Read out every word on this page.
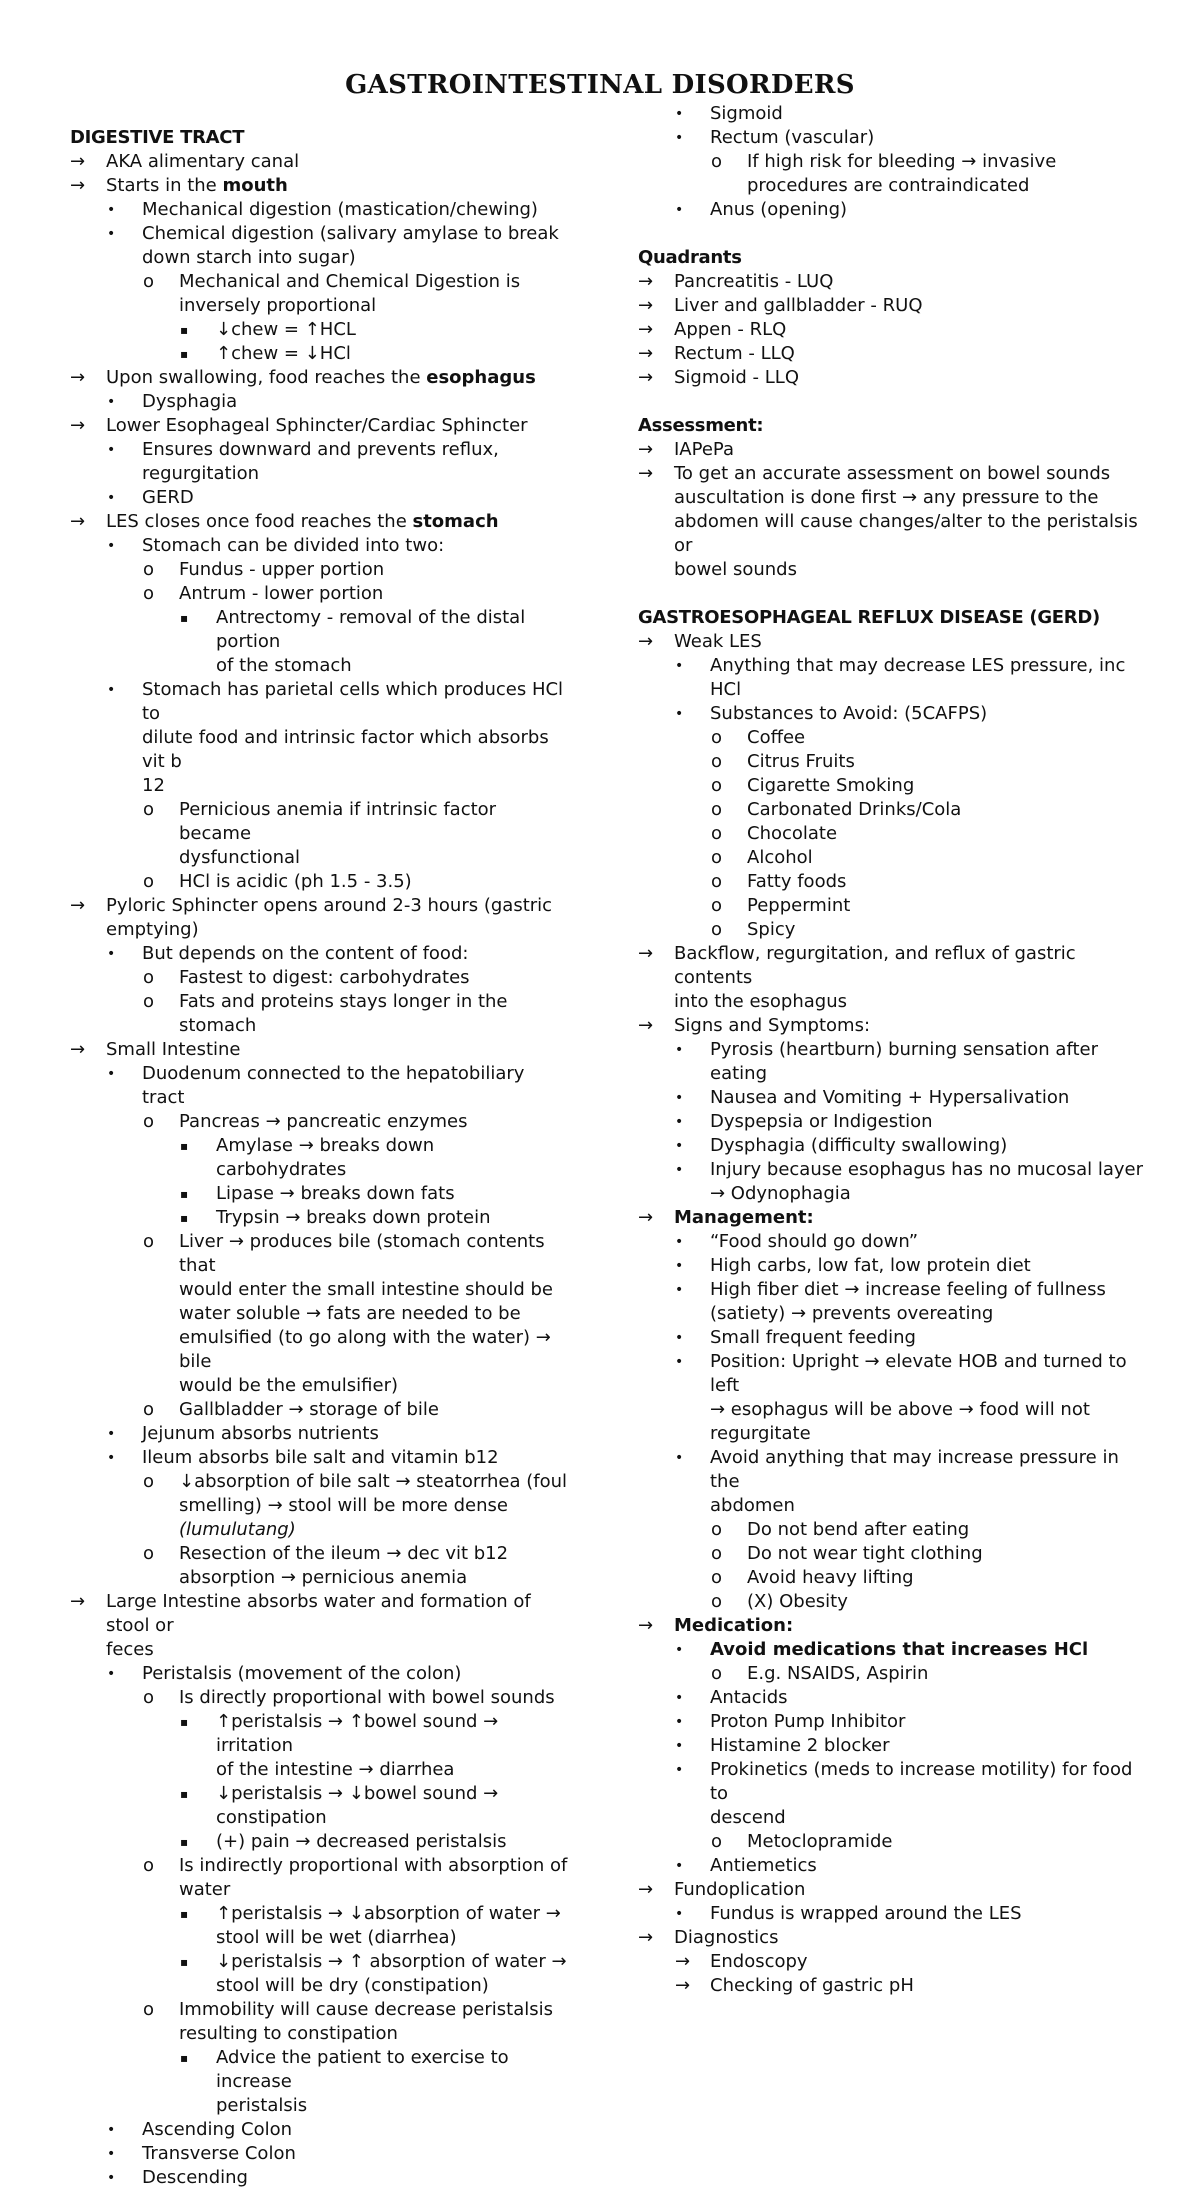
GASTROINTESTINAL DISORDERS
DIGESTIVE TRACT
→ AKA alimentary canal
→ Starts in the mouth
• Mechanical digestion (mastication/chewing)
• Chemical digestion (salivary amylase to break
down starch into sugar)
o Mechanical and Chemical Digestion is
inversely proportional
▪ ↓chew = ↑HCL
▪ ↑chew = ↓HCl
→ Upon swallowing, food reaches the esophagus
• Dysphagia
→ Lower Esophageal Sphincter/Cardiac Sphincter
• Ensures downward and prevents reflux,
regurgitation
• GERD
→ LES closes once food reaches the stomach
• Stomach can be divided into two:
o Fundus - upper portion
o Antrum - lower portion
▪ Antrectomy - removal of the distal portion
of the stomach
• Stomach has parietal cells which produces HCl to
dilute food and intrinsic factor which absorbs vit b
12
o Pernicious anemia if intrinsic factor became
dysfunctional
o HCl is acidic (ph 1.5 - 3.5)
→ Pyloric Sphincter opens around 2-3 hours (gastric
emptying)
• But depends on the content of food:
o Fastest to digest: carbohydrates
o Fats and proteins stays longer in the stomach
→ Small Intestine
• Duodenum connected to the hepatobiliary tract
o Pancreas → pancreatic enzymes
▪ Amylase → breaks down carbohydrates
▪ Lipase → breaks down fats
▪ Trypsin → breaks down protein
o Liver → produces bile (stomach contents that
would enter the small intestine should be
water soluble → fats are needed to be
emulsified (to go along with the water) → bile
would be the emulsifier)
o Gallbladder → storage of bile
• Jejunum absorbs nutrients
• Ileum absorbs bile salt and vitamin b12
o ↓absorption of bile salt → steatorrhea (foul
smelling) → stool will be more dense
(lumulutang)
o Resection of the ileum → dec vit b12
absorption → pernicious anemia
→ Large Intestine absorbs water and formation of stool or
feces
• Peristalsis (movement of the colon)
o Is directly proportional with bowel sounds
▪ ↑peristalsis → ↑bowel sound → irritation
of the intestine → diarrhea
▪ ↓peristalsis → ↓bowel sound →
constipation
▪ (+) pain → decreased peristalsis
o Is indirectly proportional with absorption of
water
▪ ↑peristalsis → ↓absorption of water →
stool will be wet (diarrhea)
▪ ↓peristalsis → ↑ absorption of water →
stool will be dry (constipation)
o Immobility will cause decrease peristalsis
resulting to constipation
▪ Advice the patient to exercise to increase
peristalsis
• Ascending Colon
• Transverse Colon
• Descending
• Sigmoid
• Rectum (vascular)
o If high risk for bleeding → invasive
procedures are contraindicated
• Anus (opening)
Quadrants
→ Pancreatitis - LUQ
→ Liver and gallbladder - RUQ
→ Appen - RLQ
→ Rectum - LLQ
→ Sigmoid - LLQ
Assessment:
→ IAPePa
→ To get an accurate assessment on bowel sounds
auscultation is done first → any pressure to the
abdomen will cause changes/alter to the peristalsis or
bowel sounds
GASTROESOPHAGEAL REFLUX DISEASE (GERD)
→ Weak LES
• Anything that may decrease LES pressure, inc
HCl
• Substances to Avoid: (5CAFPS)
o Coffee
o Citrus Fruits
o Cigarette Smoking
o Carbonated Drinks/Cola
o Chocolate
o Alcohol
o Fatty foods
o Peppermint
o Spicy
→ Backflow, regurgitation, and reflux of gastric contents
into the esophagus
→ Signs and Symptoms:
• Pyrosis (heartburn) burning sensation after eating
• Nausea and Vomiting + Hypersalivation
• Dyspepsia or Indigestion
• Dysphagia (difficulty swallowing)
• Injury because esophagus has no mucosal layer
→ Odynophagia
→ Management:
• “Food should go down”
• High carbs, low fat, low protein diet
• High fiber diet → increase feeling of fullness
(satiety) → prevents overeating
• Small frequent feeding
• Position: Upright → elevate HOB and turned to left
→ esophagus will be above → food will not
regurgitate
• Avoid anything that may increase pressure in the
abdomen
o Do not bend after eating
o Do not wear tight clothing
o Avoid heavy lifting
o (X) Obesity
→ Medication:
• Avoid medications that increases HCl
o E.g. NSAIDS, Aspirin
• Antacids
• Proton Pump Inhibitor
• Histamine 2 blocker
• Prokinetics (meds to increase motility) for food to
descend
o Metoclopramide
• Antiemetics
→ Fundoplication
• Fundus is wrapped around the LES
→ Diagnostics
→ Endoscopy
→ Checking of gastric pH
